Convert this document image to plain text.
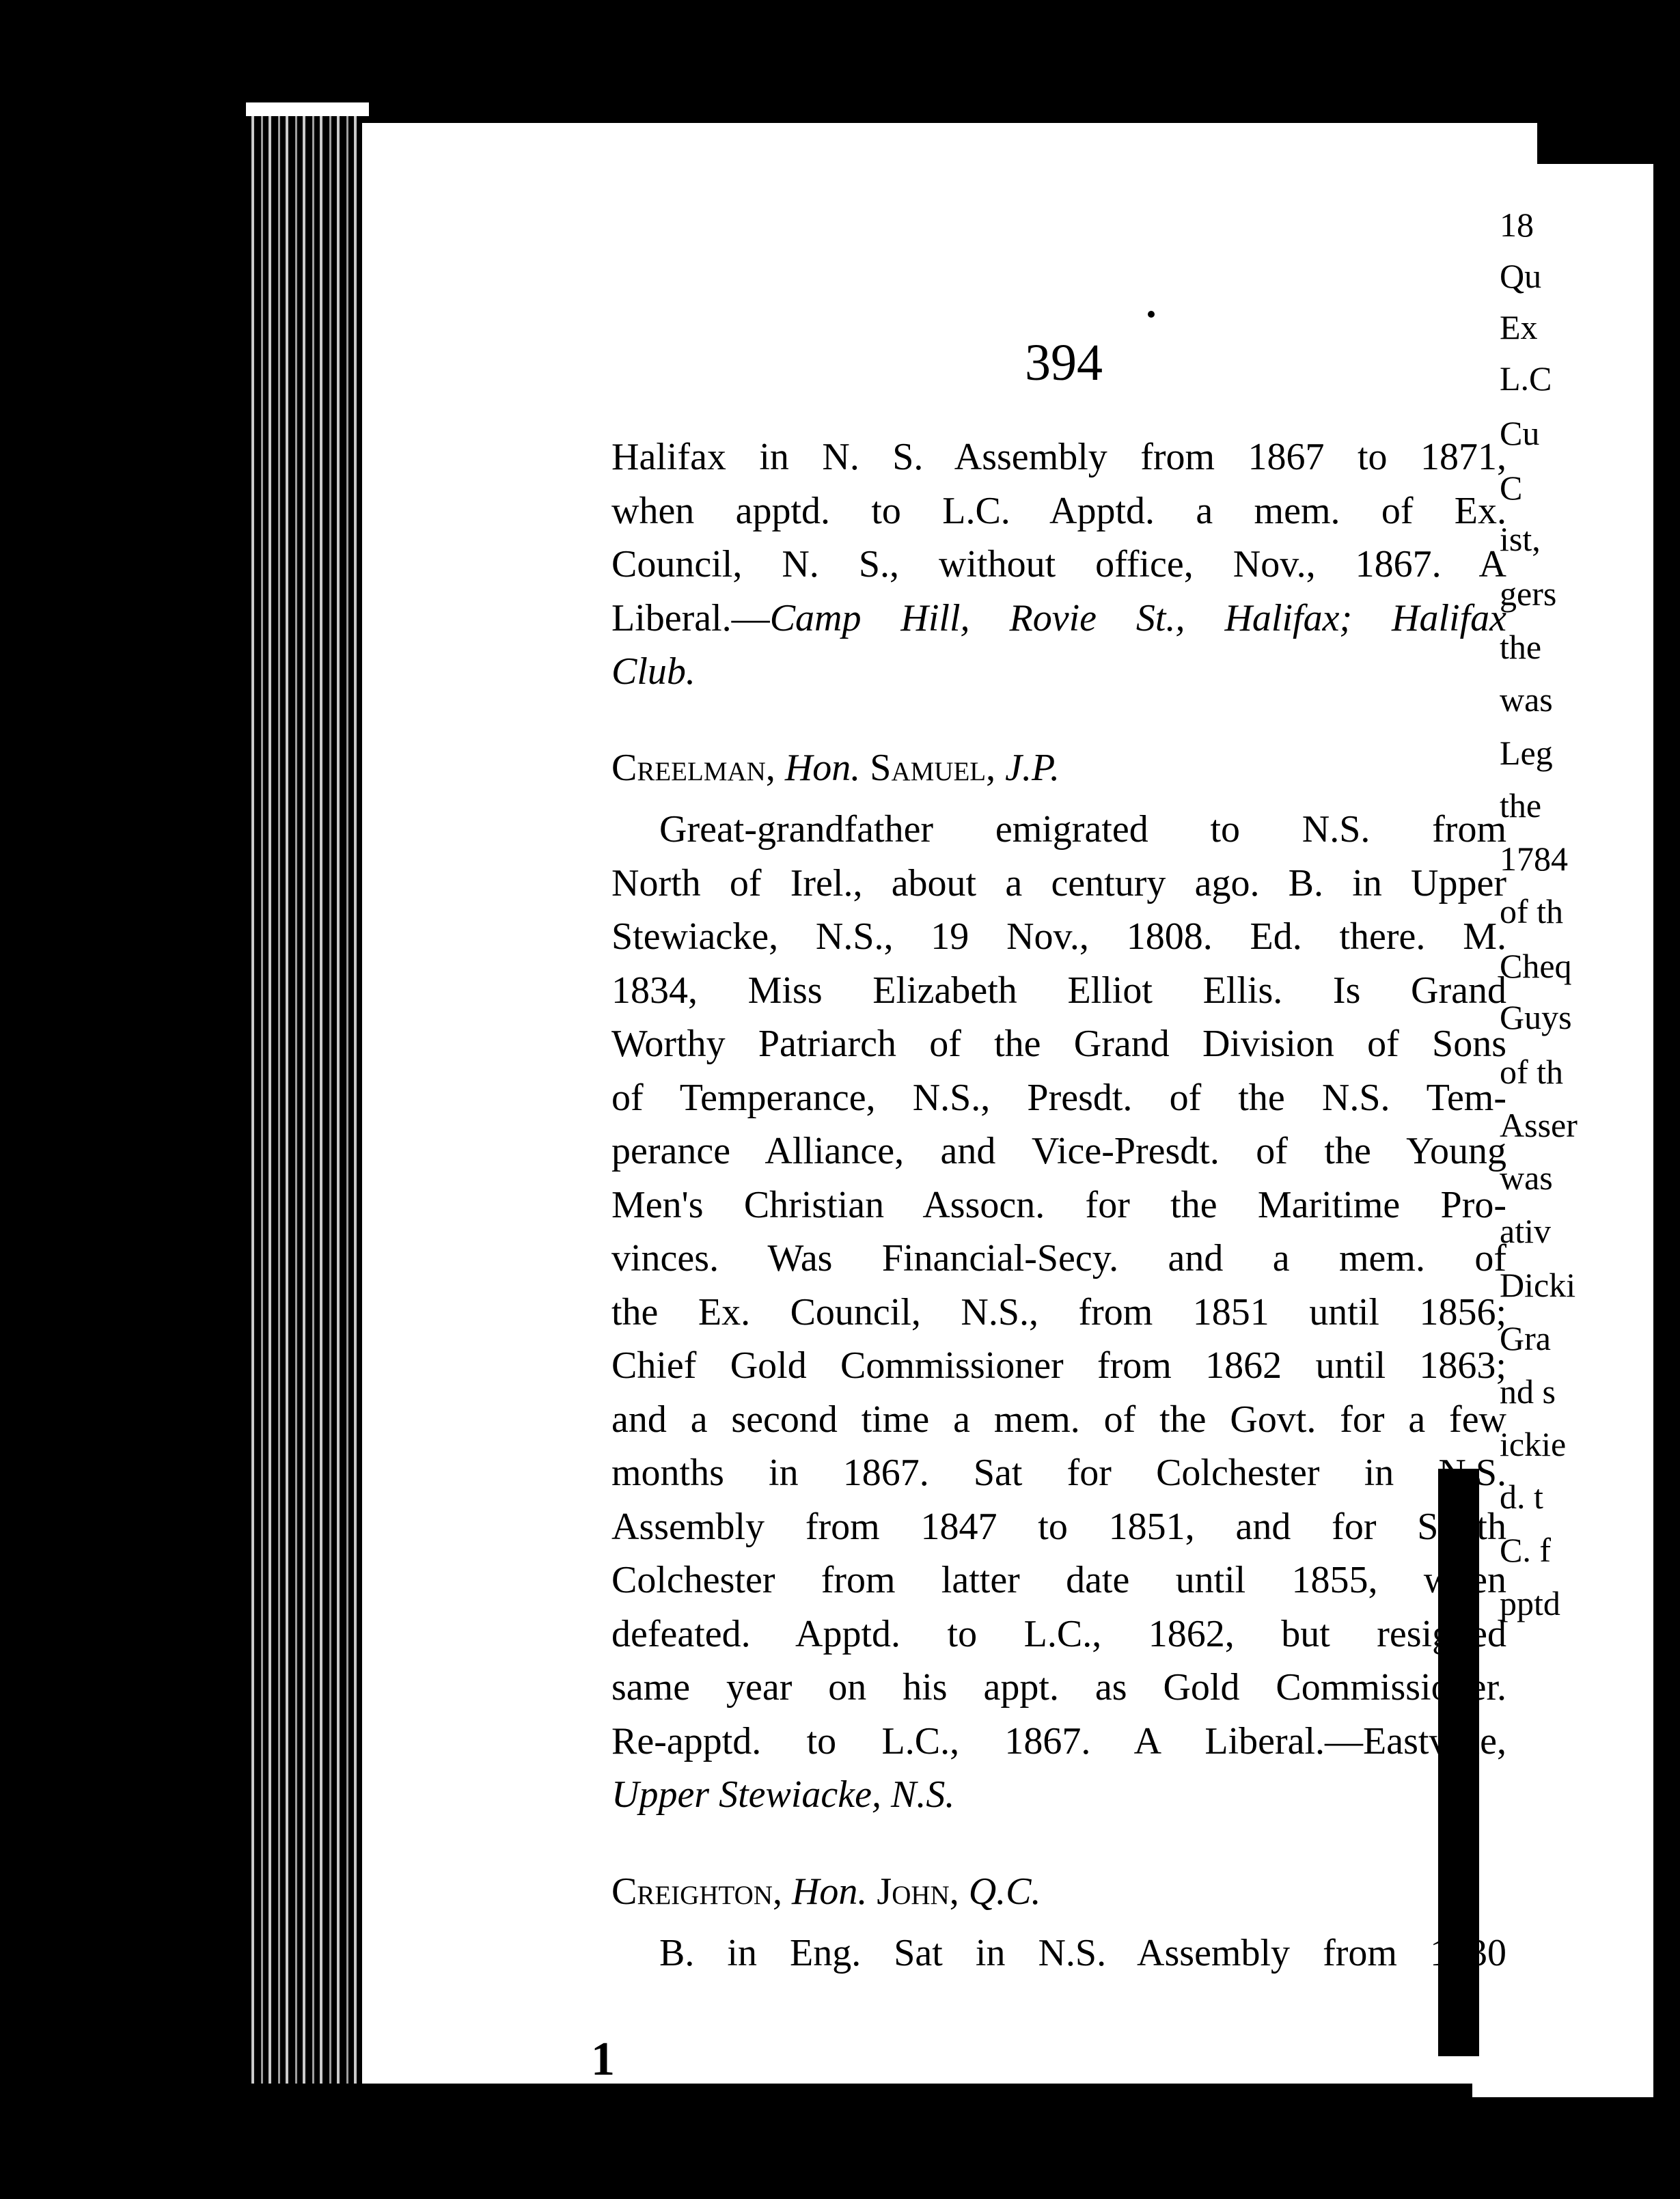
18
Qu
Ex
L.C
Cu
C
ist,
gers
the
was
Leg
the
1784
of th
Cheq
Guys
of th
Asser
was
ativ
Dicki
Gra
nd s
ickie
d. t
C. f
pptd
394
Halifax in N. S. Assembly from 1867 to 1871,
when apptd. to L.C. Apptd. a mem. of Ex.
Council, N. S., without office, Nov., 1867. A
Liberal.—Camp Hill, Rovie St., Halifax; Halifax
Club.
Creelman, Hon. Samuel, J.P.
Great-grandfather emigrated to N.S. from
North of Irel., about a century ago. B. in Upper
Stewiacke, N.S., 19 Nov., 1808. Ed. there. M.
1834, Miss Elizabeth Elliot Ellis. Is Grand
Worthy Patriarch of the Grand Division of Sons
of Temperance, N.S., Presdt. of the N.S. Tem-
perance Alliance, and Vice-Presdt. of the Young
Men's Christian Assocn. for the Maritime Pro-
vinces. Was Financial-Secy. and a mem. of
the Ex. Council, N.S., from 1851 until 1856;
Chief Gold Commissioner from 1862 until 1863;
and a second time a mem. of the Govt. for a few
months in 1867. Sat for Colchester in N.S.
Assembly from 1847 to 1851, and for South
Colchester from latter date until 1855, when
defeated. Apptd. to L.C., 1862, but resigned
same year on his appt. as Gold Commissioner.
Re-apptd. to L.C., 1867. A Liberal.—Eastville,
Upper Stewiacke, N.S.
Creighton, Hon. John, Q.C.
B. in Eng. Sat in N.S. Assembly from 1830
1
